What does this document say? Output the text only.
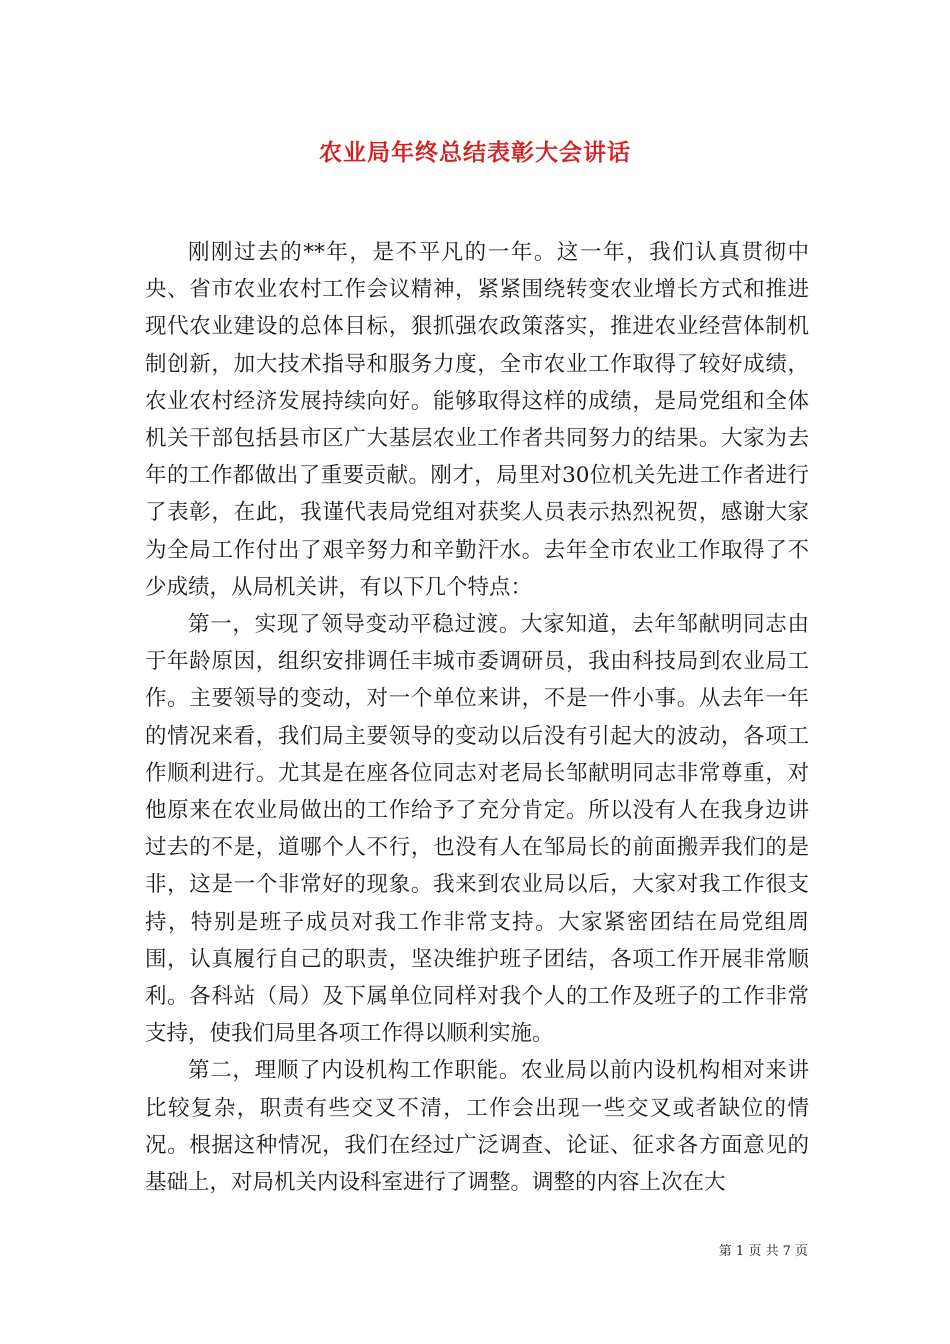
农业局年终总结表彰大会讲话

刚刚过去的**年，是不平凡的一年。这一年，我们认真贯彻中央、省市农业农村工作会议精神，紧紧围绕转变农业增长方式和推进现代农业建设的总体目标，狠抓强农政策落实，推进农业经营体制机制创新，加大技术指导和服务力度，全市农业工作取得了较好成绩，农业农村经济发展持续向好。能够取得这样的成绩，是局党组和全体机关干部包括县市区广大基层农业工作者共同努力的结果。大家为去年的工作都做出了重要贡献。刚才，局里对30位机关先进工作者进行了表彰，在此，我谨代表局党组对获奖人员表示热烈祝贺，感谢大家为全局工作付出了艰辛努力和辛勤汗水。去年全市农业工作取得了不少成绩，从局机关讲，有以下几个特点：

第一，实现了领导变动平稳过渡。大家知道，去年邹献明同志由于年龄原因，组织安排调任丰城市委调研员，我由科技局到农业局工作。主要领导的变动，对一个单位来讲，不是一件小事。从去年一年的情况来看，我们局主要领导的变动以后没有引起大的波动，各项工作顺利进行。尤其是在座各位同志对老局长邹献明同志非常尊重，对他原来在农业局做出的工作给予了充分肯定。所以没有人在我身边讲过去的不是，道哪个人不行，也没有人在邹局长的前面搬弄我们的是非，这是一个非常好的现象。我来到农业局以后，大家对我工作很支持，特别是班子成员对我工作非常支持。大家紧密团结在局党组周围，认真履行自己的职责，坚决维护班子团结，各项工作开展非常顺利。各科站（局）及下属单位同样对我个人的工作及班子的工作非常支持，使我们局里各项工作得以顺利实施。

第二，理顺了内设机构工作职能。农业局以前内设机构相对来讲比较复杂，职责有些交叉不清，工作会出现一些交叉或者缺位的情况。根据这种情况，我们在经过广泛调查、论证、征求各方面意见的基础上，对局机关内设科室进行了调整。调整的内容上次在大

第 1 页 共 7 页
